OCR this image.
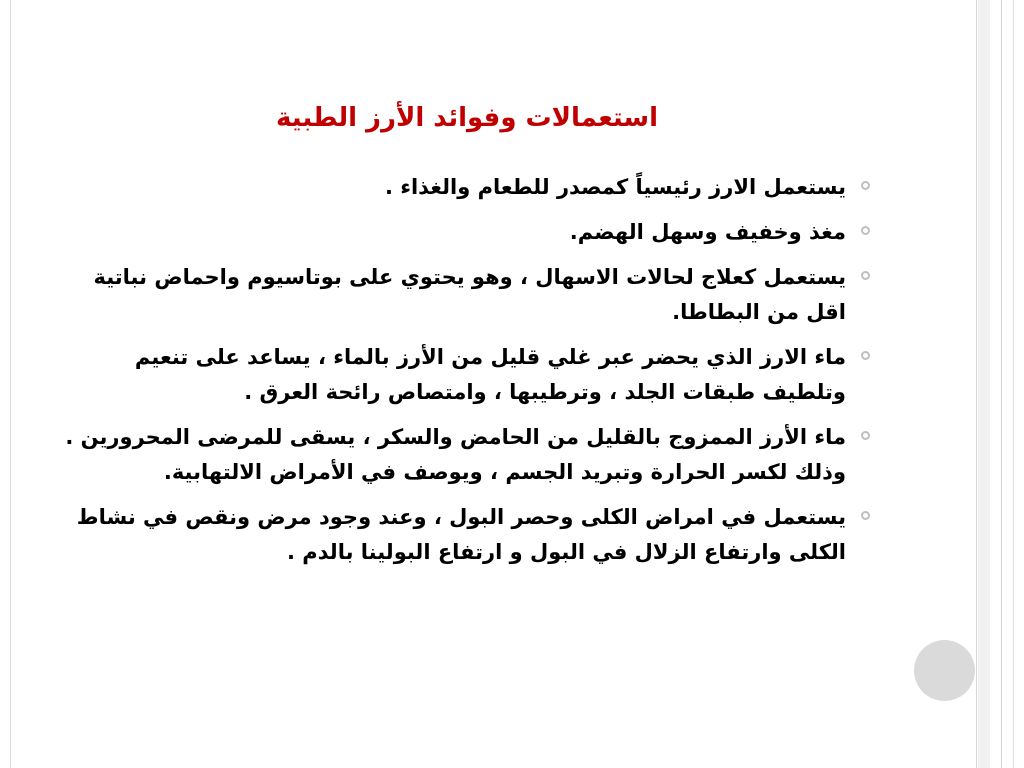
استعمالات وفوائد الأرز الطبية
يستعمل الارز رئيسياً كمصدر للطعام والغذاء .
مغذ وخفيف وسهل الهضم.
يستعمل كعلاج لحالات الاسهال ، وهو يحتوي على بوتاسيوم واحماض نباتية اقل من البطاطا.
ماء الارز الذي يحضر عبر غلي قليل من الأرز بالماء ، يساعد على تنعيم وتلطيف طبقات الجلد ، وترطيبها ، وامتصاص رائحة العرق .
ماء الأرز الممزوج بالقليل من الحامض والسكر ، يسقى للمرضى المحرورين . وذلك لكسر الحرارة وتبريد الجسم ، ويوصف في الأمراض الالتهابية.
يستعمل في امراض الكلى وحصر البول ، وعند وجود مرض ونقص في نشاط الكلى وارتفاع الزلال في البول و ارتفاع البولينا بالدم .
